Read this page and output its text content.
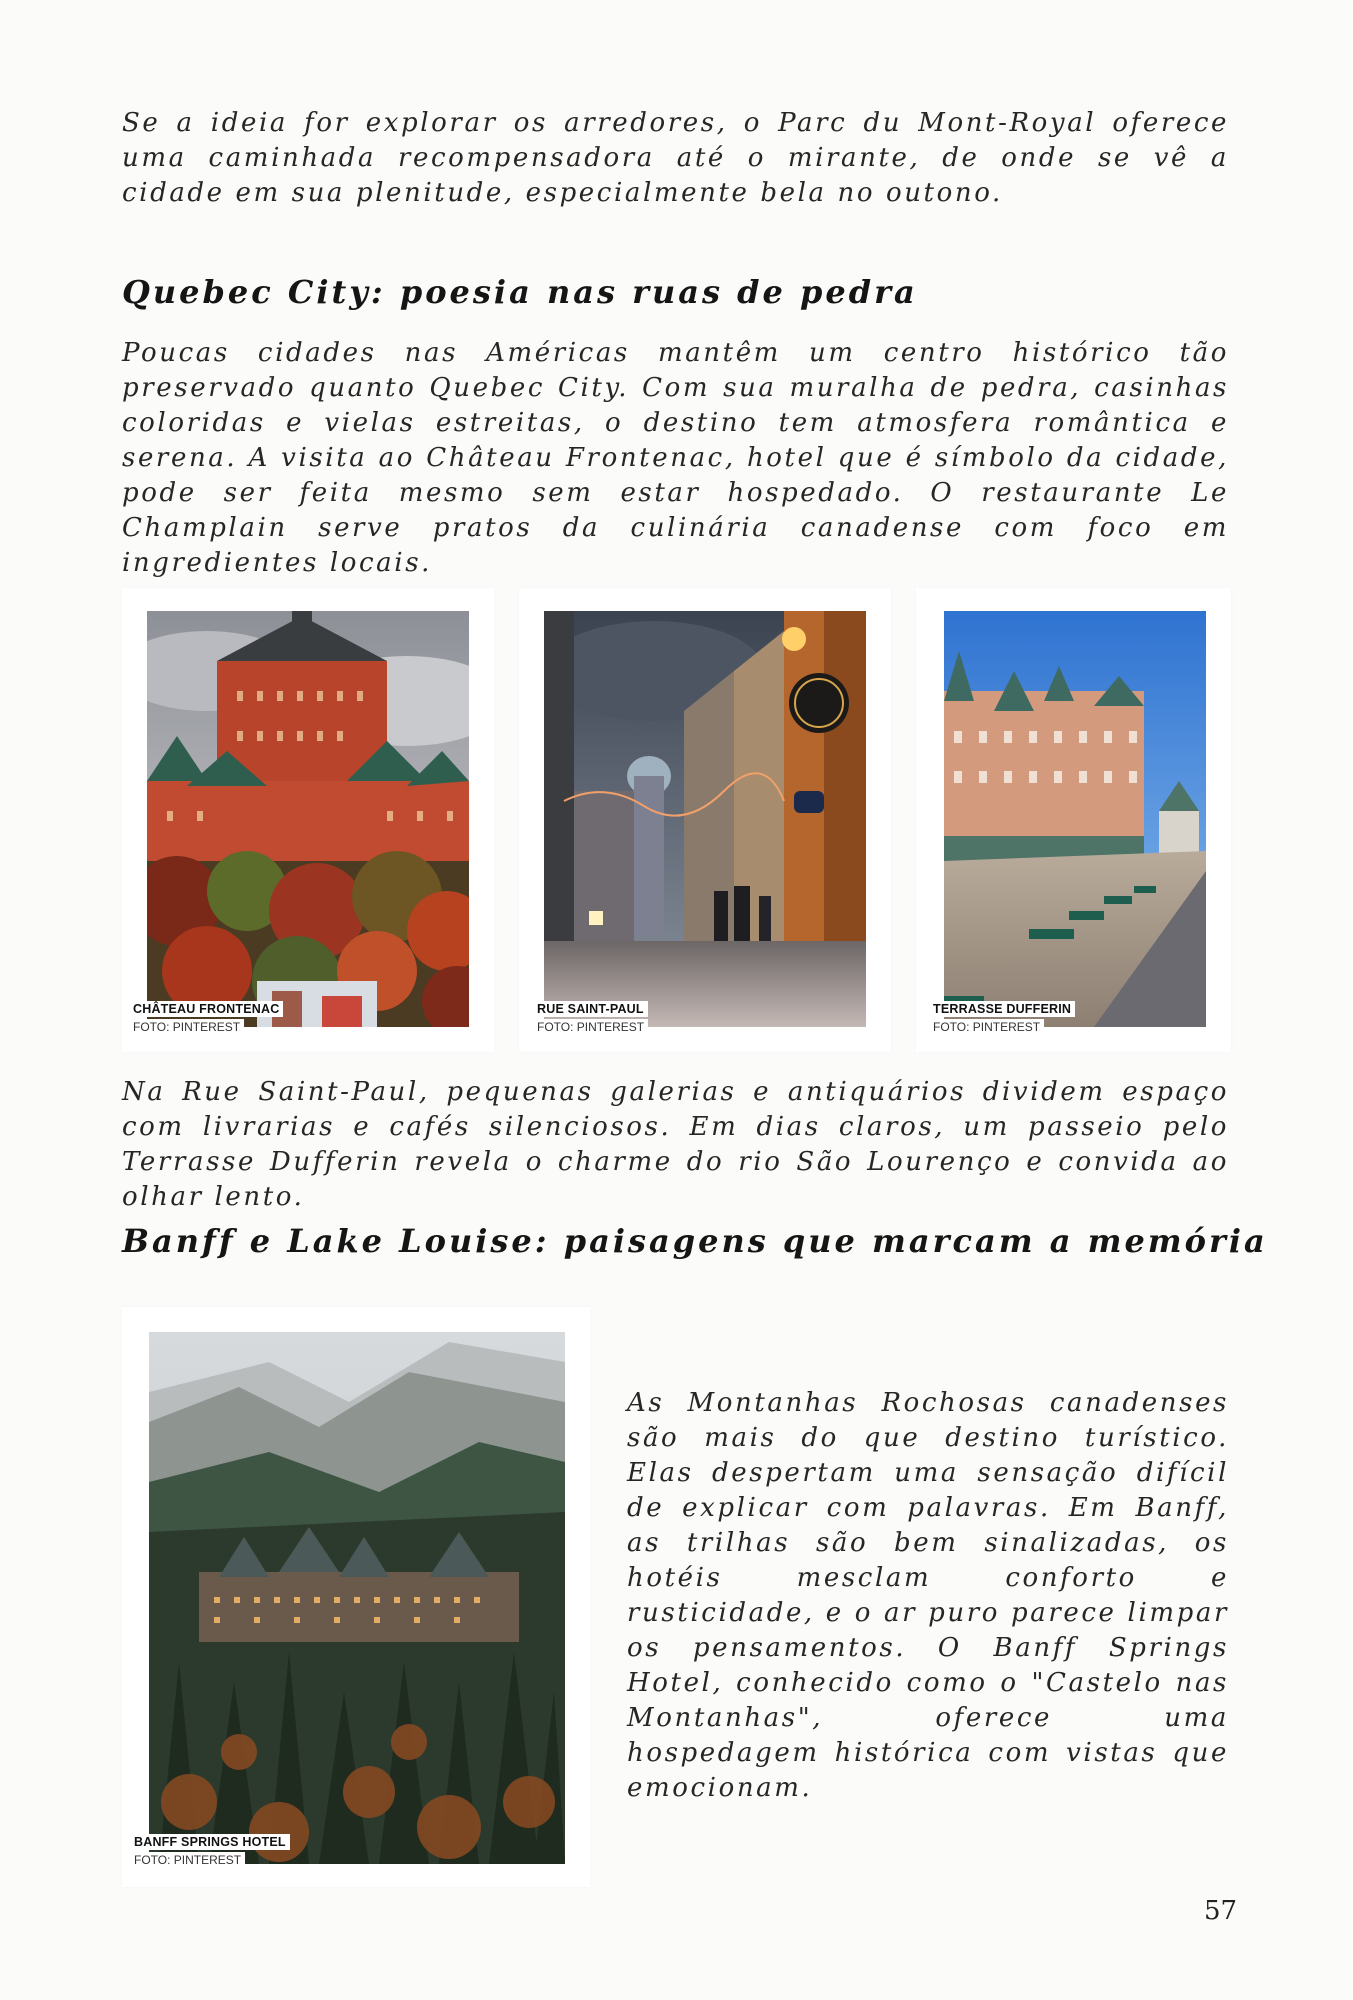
Se a ideia for explorar os arredores, o Parc du Mont-Royal oferece uma caminhada recompensadora até o mirante, de onde se vê a cidade em sua plenitude, especialmente bela no outono.

Quebec City: poesia nas ruas de pedra

Poucas cidades nas Américas mantêm um centro histórico tão preservado quanto Quebec City. Com sua muralha de pedra, casinhas coloridas e vielas estreitas, o destino tem atmosfera romântica e serena. A visita ao Château Frontenac, hotel que é símbolo da cidade, pode ser feita mesmo sem estar hospedado. O restaurante Le Champlain serve pratos da culinária canadense com foco em ingredientes locais.

CHÂTEAU FRONTENAC
FOTO: PINTEREST
RUE SAINT-PAUL
FOTO: PINTEREST
TERRASSE DUFFERIN
FOTO: PINTEREST

Na Rue Saint-Paul, pequenas galerias e antiquários dividem espaço com livrarias e cafés silenciosos. Em dias claros, um passeio pelo Terrasse Dufferin revela o charme do rio São Lourenço e convida ao olhar lento.

Banff e Lake Louise: paisagens que marcam a memória
BANFF SPRINGS HOTEL
FOTO: PINTEREST

As Montanhas Rochosas canadenses são mais do que destino turístico. Elas despertam uma sensação difícil de explicar com palavras. Em Banff, as trilhas são bem sinalizadas, os hotéis mesclam conforto e rusticidade, e o ar puro parece limpar os pensamentos. O Banff Springs Hotel, conhecido como o "Castelo nas Montanhas", oferece uma hospedagem histórica com vistas que emocionam.

57
